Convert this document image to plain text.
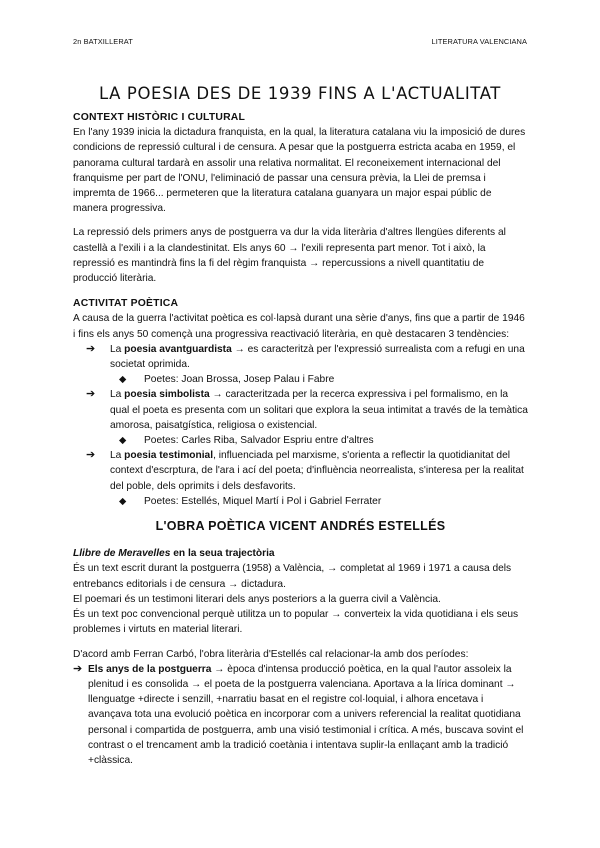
2n BATXILLERAT	LITERATURA VALENCIANA
LA POESIA DES DE 1939 FINS A L'ACTUALITAT
CONTEXT HISTÒRIC I CULTURAL

En l'any 1939 inicia la dictadura franquista, en la qual, la literatura catalana viu la imposició de dures condicions de repressió cultural i de censura. A pesar que la postguerra estricta acaba en 1959, el panorama cultural tardarà en assolir una relativa normalitat. El reconeixement internacional del franquisme per part de l'ONU, l'eliminació de passar una censura prèvia, la Llei de premsa i impremta de 1966... permeteren que la literatura catalana guanyara un major espai públic de manera progressiva.

La repressió dels primers anys de postguerra va dur la vida literària d'altres llengües diferents al castellà a l'exili i a la clandestinitat. Els anys 60 → l'exili representa part menor. Tot i això, la repressió es mantindrà fins la fi del règim franquista → repercussions a nivell quantitatiu de producció literària.

ACTIVITAT POÈTICA

A causa de la guerra l'activitat poètica es col·lapsà durant una sèrie d'anys, fins que a partir de 1946 i fins els anys 50 començà una progressiva reactivació literària, en què destacaren 3 tendències:

➔ La poesia avantguardista → es caracteritzà per l'expressió surrealista com a refugi en una societat oprimida.
◆ Poetes: Joan Brossa, Josep Palau i Fabre
➔ La poesia simbolista → caracteritzada per la recerca expressiva i pel formalismo, en la qual el poeta es presenta com un solitari que explora la seua intimitat a través de la temàtica amorosa, paisatgística, religiosa o existencial.
◆ Poetes: Carles Riba, Salvador Espriu entre d'altres
➔ La poesia testimonial, influenciada pel marxisme, s'orienta a reflectir la quotidianitat del context d'escrptura, de l'ara i ací del poeta; d'influència neorrealista, s'interesa per la realitat del poble, dels oprimits i dels desfavorits.
◆ Poetes: Estellés, Miquel Martí i Pol i Gabriel Ferrater
L'OBRA POÈTICA VICENT ANDRÉS ESTELLÉS

Llibre de Meravelles en la seua trajectòria

És un text escrit durant la postguerra (1958) a València, → completat al 1969 i 1971 a causa dels entrebancs editorials i de censura → dictadura.
El poemari és un testimoni literari dels anys posteriors a la guerra civil a València.
És un text poc convencional perquè utilitza un to popular → converteix la vida quotidiana i els seus problemes i virtuts en material literari.
D'acord amb Ferran Carbó, l'obra literària d'Estellés cal relacionar-la amb dos períodes:
➔ Els anys de la postguerra → època d'intensa producció poètica, en la qual l'autor assoleix la plenitud i es consolida → el poeta de la postguerra valenciana. Aportava a la lírica dominant → llenguatge +directe i senzill, +narratiu basat en el registre col·loquial, i alhora encetava i avançava tota una evolució poètica en incorporar com a univers referencial la realitat quotidiana personal i compartida de postguerra, amb una visió testimonial i crítica. A més, buscava sovint el contrast o el trencament amb la tradició coetània i intentava suplir-la enllaçant amb la tradició +clàssica.
